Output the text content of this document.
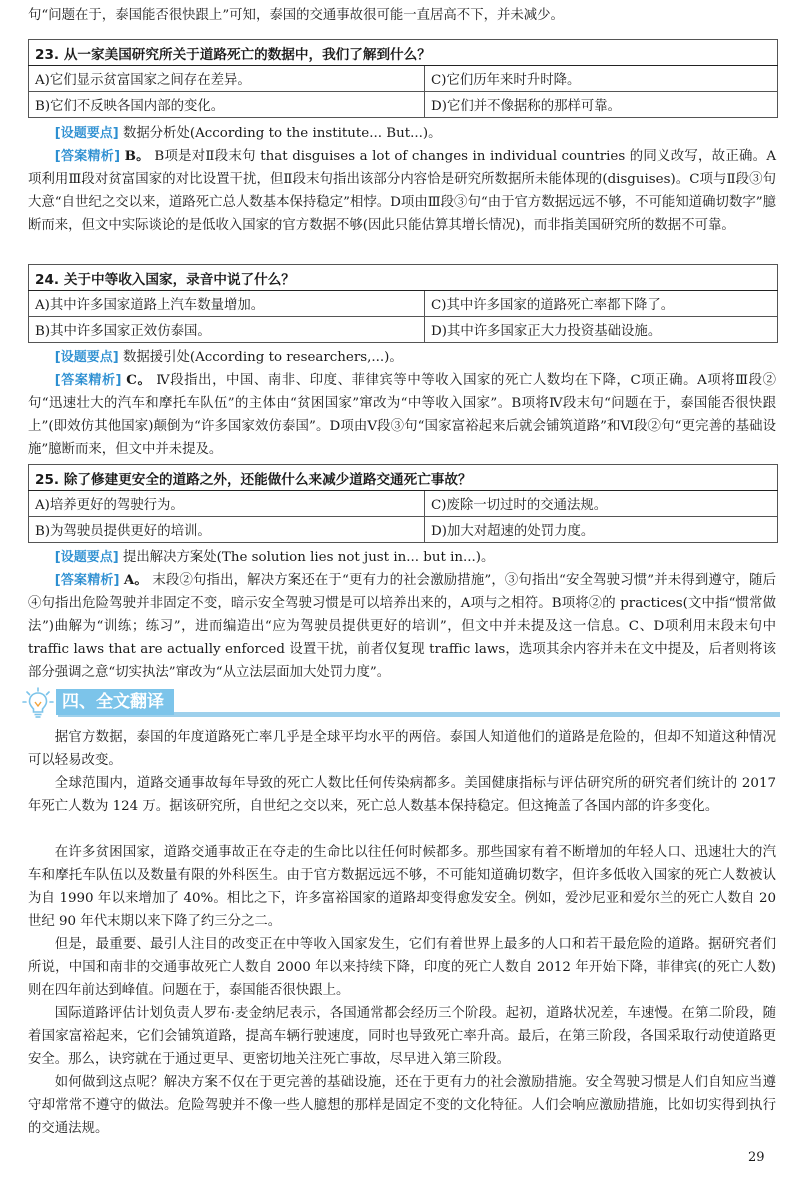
句“问题在于，泰国能否很快跟上”可知，泰国的交通事故很可能一直居高不下，并未减少。
23. 从一家美国研究所关于道路死亡的数据中，我们了解到什么？	
A)它们显示贫富国家之间存在差异。	C)它们历年来时升时降。
B)它们不反映各国内部的变化。	D)它们并不像据称的那样可靠。
[设题要点] 数据分析处(According to the institute... But...)。
[答案精析] B。 B项是对Ⅱ段末句 that disguises a lot of changes in individual countries 的同义改写，故正确。A项利用Ⅲ段对贫富国家的对比设置干扰，但Ⅱ段末句指出该部分内容恰是研究所数据所未能体现的(disguises)。C项与Ⅱ段③句大意“自世纪之交以来，道路死亡总人数基本保持稳定”相悖。D项由Ⅲ段③句“由于官方数据远远不够，不可能知道确切数字”臆断而来，但文中实际谈论的是低收入国家的官方数据不够(因此只能估算其增长情况)，而非指美国研究所的数据不可靠。
24. 关于中等收入国家，录音中说了什么？	
A)其中许多国家道路上汽车数量增加。	C)其中许多国家的道路死亡率都下降了。
B)其中许多国家正效仿泰国。	D)其中许多国家正大力投资基础设施。
[设题要点] 数据援引处(According to researchers,...)。
[答案精析] C。 Ⅳ段指出，中国、南非、印度、菲律宾等中等收入国家的死亡人数均在下降，C项正确。A项将Ⅲ段②句“迅速壮大的汽车和摩托车队伍”的主体由“贫困国家”窜改为“中等收入国家”。B项将Ⅳ段末句“问题在于，泰国能否很快跟上”(即效仿其他国家)颠倒为“许多国家效仿泰国”。D项由Ⅴ段③句“国家富裕起来后就会铺筑道路”和Ⅵ段②句“更完善的基础设施”臆断而来，但文中并未提及。
25. 除了修建更安全的道路之外，还能做什么来减少道路交通死亡事故？	
A)培养更好的驾驶行为。	C)废除一切过时的交通法规。
B)为驾驶员提供更好的培训。	D)加大对超速的处罚力度。
[设题要点] 提出解决方案处(The solution lies not just in... but in...)。
[答案精析] A。 末段②句指出，解决方案还在于“更有力的社会激励措施”，③句指出“安全驾驶习惯”并未得到遵守，随后④句指出危险驾驶并非固定不变，暗示安全驾驶习惯是可以培养出来的，A项与之相符。B项将②的 practices(文中指“惯常做法”)曲解为“训练；练习”，进而编造出“应为驾驶员提供更好的培训”，但文中并未提及这一信息。C、D项利用末段末句中 traffic laws that are actually enforced 设置干扰，前者仅复现 traffic laws，选项其余内容并未在文中提及，后者则将该部分强调之意“切实执法”窜改为“从立法层面加大处罚力度”。
四、全文翻译
据官方数据，泰国的年度道路死亡率几乎是全球平均水平的两倍。泰国人知道他们的道路是危险的，但却不知道这种情况可以轻易改变。
全球范围内，道路交通事故每年导致的死亡人数比任何传染病都多。美国健康指标与评估研究所的研究者们统计的 2017 年死亡人数为 124 万。据该研究所，自世纪之交以来，死亡总人数基本保持稳定。但这掩盖了各国内部的许多变化。
在许多贫困国家，道路交通事故正在夺走的生命比以往任何时候都多。那些国家有着不断增加的年轻人口、迅速壮大的汽车和摩托车队伍以及数量有限的外科医生。由于官方数据远远不够，不可能知道确切数字，但许多低收入国家的死亡人数被认为自 1990 年以来增加了 40%。相比之下，许多富裕国家的道路却变得愈发安全。例如，爱沙尼亚和爱尔兰的死亡人数自 20 世纪 90 年代末期以来下降了约三分之二。
但是，最重要、最引人注目的改变正在中等收入国家发生，它们有着世界上最多的人口和若干最危险的道路。据研究者们所说，中国和南非的交通事故死亡人数自 2000 年以来持续下降，印度的死亡人数自 2012 年开始下降，菲律宾(的死亡人数)则在四年前达到峰值。问题在于，泰国能否很快跟上。
国际道路评估计划负责人罗布·麦金纳尼表示，各国通常都会经历三个阶段。起初，道路状况差，车速慢。在第二阶段，随着国家富裕起来，它们会铺筑道路，提高车辆行驶速度，同时也导致死亡率升高。最后，在第三阶段，各国采取行动使道路更安全。那么，诀窍就在于通过更早、更密切地关注死亡事故，尽早进入第三阶段。
如何做到这点呢？解决方案不仅在于更完善的基础设施，还在于更有力的社会激励措施。安全驾驶习惯是人们自知应当遵守却常常不遵守的做法。危险驾驶并不像一些人臆想的那样是固定不变的文化特征。人们会响应激励措施，比如切实得到执行的交通法规。
29
